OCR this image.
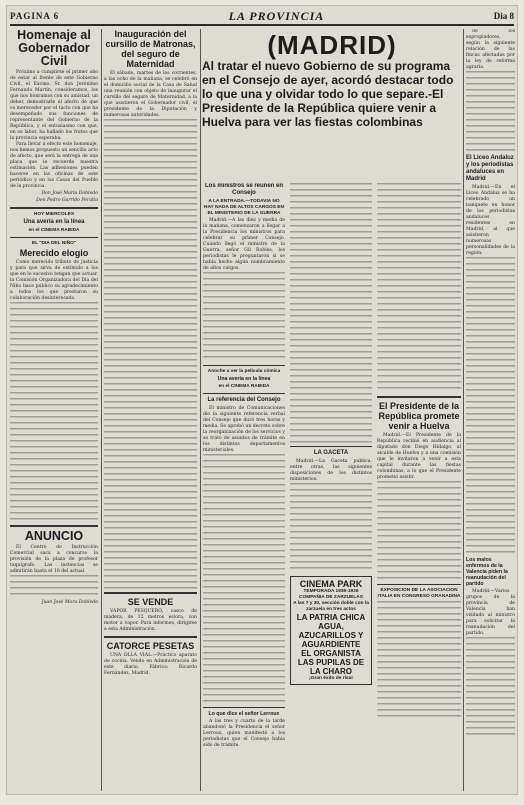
PAGINA 6	LA PROVINCIA	Dia 8
Homenaje al Gobernador Civil

Próximo a cumplirse el primer año de estar al frente de este Gobierno Civil, el Excmo. Sr. don Jerónimo Fernando Martín, consideramos, los que nos honramos con su amistad, un deber, demostrarle el afecto de que es merecedor por el tacto con que ha desempeñado sus funciones de representante del Gobierno de la República, y el entusiasmo con que, en su labor, ha hallado los frutos que la provincia esperaba.

Para llevar a efecto este homenaje, nos hemos propuesto un sencillo acto de afecto, que será la entrega de una placa que le recuerde nuestra estimación. Las adhesiones pueden hacerse en las oficinas de este periódico y en las Casas del Pueblo de la provincia.

Don José María Dobledo
Don Pedro Garrido Peralta
HOY MIERCOLES
Una avería en la línea
en el CINEMA RABIDA
EL "DIA DEL NIÑO"
Merecido elogio

Como merecido tributo de justicia y para que sirva de estímulo a los que en lo sucesivo tengan que actuar, la Comisión Organizadora del Día del Niño hace público su agradecimiento a todos los que prestaron su colaboración desinteresada.

ANUNCIO

El Centro de Instrucción Comercial saca a concurso la provisión de la plaza de profesor taquígrafo. Las instancias se admitirán hasta el 18 del actual.

Juan José Mora Dobledo
Inauguración del cursillo de Matronas, del seguro de Maternidad

El sábado, martes de los corrientes, a las ocho de la mañana, se celebró en el domicilio social de la Casa de Salud una reunión con objeto de inaugurar el cursillo del seguro de Maternidad, a la que asistieron el Gobernador civil, el presidente de la Diputación y numerosas autoridades.

SE VENDE

VAPOR PESQUERO, casco de madera, de 12 metros eslora, con motor a vapor. Para informes, dirigirse a esta Administración.

CATORCE PESETAS

UNA OLLA VIAL.—Práctico aparato de cocina. Vendo en Administración de este diario. Fábrica: Ricardo Fernández, Madrid.

(MADRID)
Al tratar el nuevo Gobierno de su programa en el Consejo de ayer, acordó destacar todo lo que una y olvidar todo lo que separe.-El Presidente de la República quiere venir a Huelva para ver las fiestas colombinas
Los ministros se reunen en Consejo
A LA ENTRADA.—TODAVIA NO HAY NADA DE ALTOS CARGOS EN EL MINISTERIO DE LA GUERRA

Madrid.—A las diez y media de la mañana, comenzaron a llegar a la Presidencia los ministros para celebrar su primer Consejo. Cuando llegó el ministro de la Guerra, señor Gil Robles, los periodistas le preguntaron si se había hecho algún nombramiento de altos cargos.

Anoche a ver la película cómica
Una avería en la línea
en el CINEMA RABIDA
La referencia del Consejo

El ministro de Comunicaciones dio la siguiente referencia verbal del Consejo que duró tres horas y media. Se aprobó un decreto sobre la reorganización de los servicios y se trató de asuntos de trámite en los distintos departamentos ministeriales.

Lo que dice el señor Lerroux

A las tres y cuarto de la tarde abandonó la Presidencia el señor Lerroux, quien manifestó a los periodistas que el Consejo había sido de trámite.

LA GACETA

Madrid.—La Gaceta publica, entre otras, las siguientes disposiciones de los distintos ministerios.

CINEMA PARK
TEMPORADA 1935-1936
COMPAÑIA DE ZARZUELAS
A las 7 y 30, sección doble con la zarzuela en tres actos
LA PATRIA CHICA
AGUA, AZUCARILLOS Y AGUARDIENTE
EL ORGANISTA
LAS PUPILAS DE LA CHARO
¡Gran éxito de risa!
El Presidente de la República promete venir a Huelva

Madrid.—El Presidente de la República recibió en audiencia al diputado don Diego Hidalgo, al alcalde de Huelva y a una comisión que le invitaron a venir a esta capital durante las fiestas colombinas, a lo que el Presidente prometió asistir.

EXPOSICION DE LA ASOCIACION ITALIA EN CONGRESO GRANADINA

de los expropiadores, según la siguiente relación de las fincas afectadas por la ley de reforma agraria.

El Liceo Andaluz y los periodistas andaluces en Madrid

Madrid.—En el Liceo Andaluz se ha celebrado un banquete en honor de los periodistas andaluces residentes en Madrid, al que asistieron numerosas personalidades de la región.

Los malos enfermos de la Valencia piden la reanudación del partido

Madrid.—Varios grupos de la provincia de Valencia han visitado al ministro para solicitar la reanudación del partido.
